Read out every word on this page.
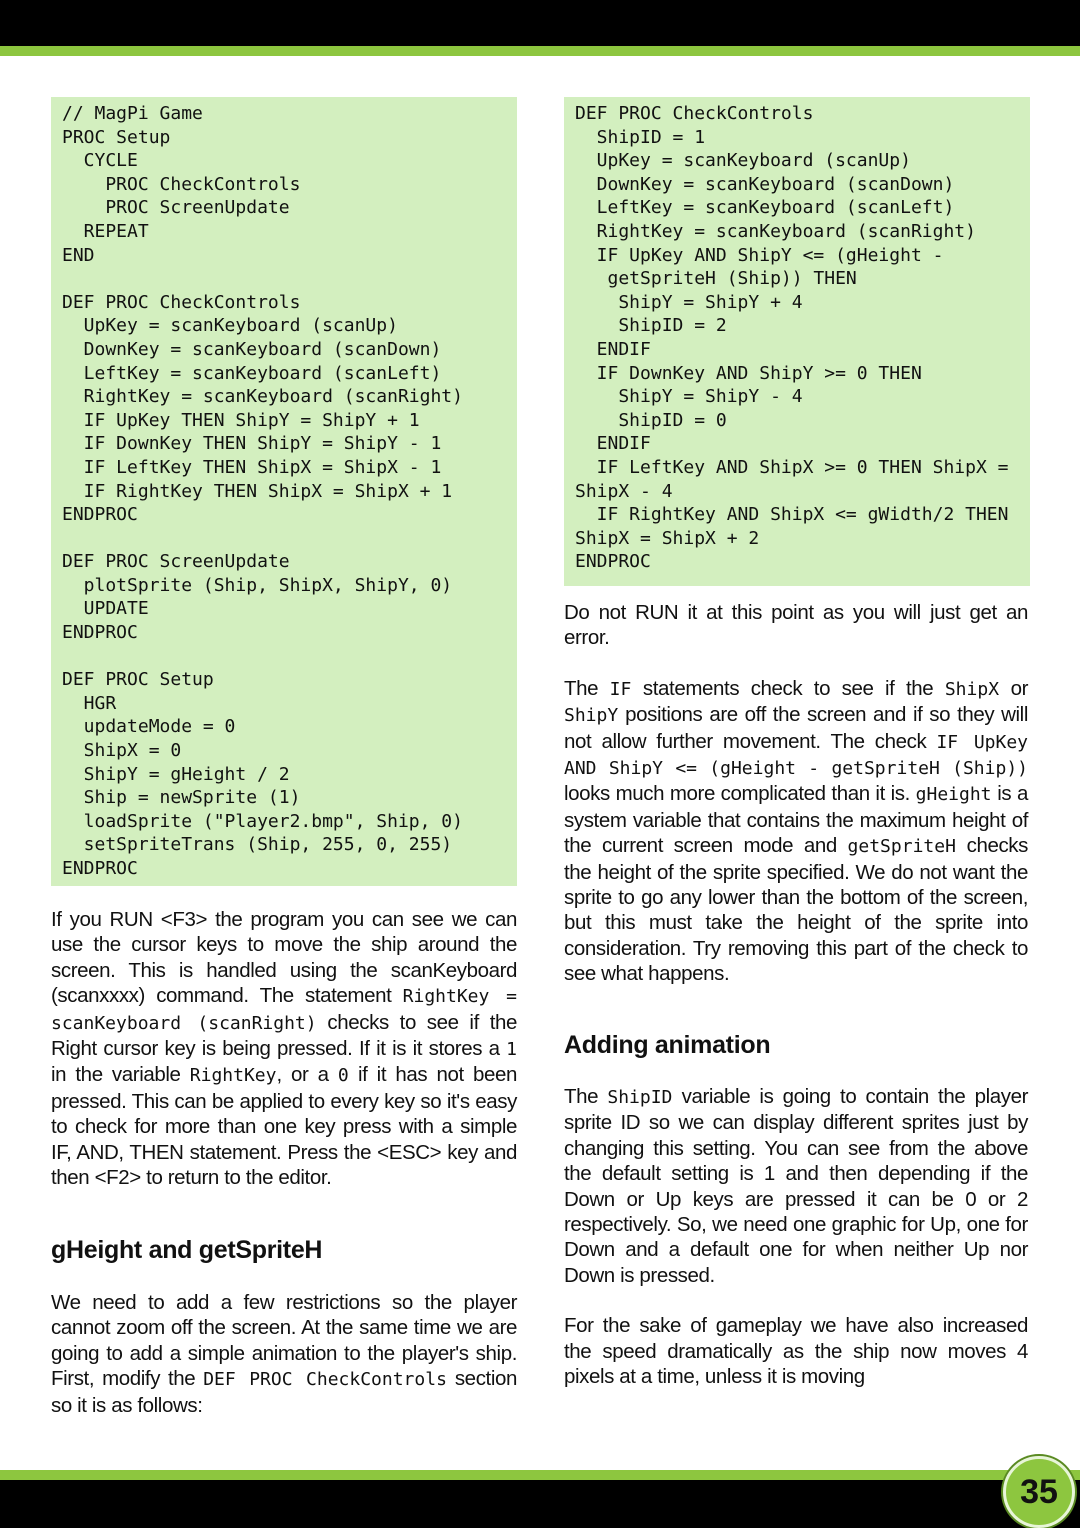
// MagPi Game
PROC Setup
CYCLE
PROC CheckControls
PROC ScreenUpdate
REPEAT
END

DEF PROC CheckControls
UpKey = scanKeyboard (scanUp)
DownKey = scanKeyboard (scanDown)
LeftKey = scanKeyboard (scanLeft)
RightKey = scanKeyboard (scanRight)
IF UpKey THEN ShipY = ShipY + 1
IF DownKey THEN ShipY = ShipY - 1
IF LeftKey THEN ShipX = ShipX - 1
IF RightKey THEN ShipX = ShipX + 1
ENDPROC

DEF PROC ScreenUpdate
plotSprite (Ship, ShipX, ShipY, 0)
UPDATE
ENDPROC

DEF PROC Setup
HGR
updateMode = 0
ShipX = 0
ShipY = gHeight / 2
Ship = newSprite (1)
loadSprite ("Player2.bmp", Ship, 0)
setSpriteTrans (Ship, 255, 0, 255)
ENDPROC

If you RUN <F3> the program you can see we can use the cursor keys to move the ship around the screen. This is handled using the scanKeyboard (scanxxxx) command. The statement RightKey = scanKeyboard (scanRight) checks to see if the Right cursor key is being pressed. If it is it stores a 1 in the variable RightKey, or a 0 if it has not been pressed. This can be applied to every key so it's easy to check for more than one key press with a simple IF, AND, THEN statement. Press the <ESC> key and then <F2> to return to the editor.

gHeight and getSpriteH

We need to add a few restrictions so the player cannot zoom off the screen. At the same time we are going to add a simple animation to the player's ship. First, modify the DEF PROC CheckControls section so it is as follows:

DEF PROC CheckControls
ShipID = 1
UpKey = scanKeyboard (scanUp)
DownKey = scanKeyboard (scanDown)
LeftKey = scanKeyboard (scanLeft)
RightKey = scanKeyboard (scanRight)
IF UpKey AND ShipY <= (gHeight -
getSpriteH (Ship)) THEN
ShipY = ShipY + 4
ShipID = 2
ENDIF
IF DownKey AND ShipY >= 0 THEN
ShipY = ShipY - 4
ShipID = 0
ENDIF
IF LeftKey AND ShipX >= 0 THEN ShipX =
ShipX - 4
IF RightKey AND ShipX <= gWidth/2 THEN
ShipX = ShipX + 2
ENDPROC

Do not RUN it at this point as you will just get an error.

The IF statements check to see if the ShipX or ShipY positions are off the screen and if so they will not allow further movement. The check IF UpKey AND ShipY <= (gHeight - getSpriteH (Ship)) looks much more complicated than it is. gHeight is a system variable that contains the maximum height of the current screen mode and getSpriteH checks the height of the sprite specified. We do not want the sprite to go any lower than the bottom of the screen, but this must take the height of the sprite into consideration. Try removing this part of the check to see what happens.

Adding animation

The ShipID variable is going to contain the player sprite ID so we can display different sprites just by changing this setting. You can see from the above the default setting is 1 and then depending if the Down or Up keys are pressed it can be 0 or 2 respectively. So, we need one graphic for Up, one for Down and a default one for when neither Up nor Down is pressed.

For the sake of gameplay we have also increased the speed dramatically as the ship now moves 4 pixels at a time, unless it is moving

35
